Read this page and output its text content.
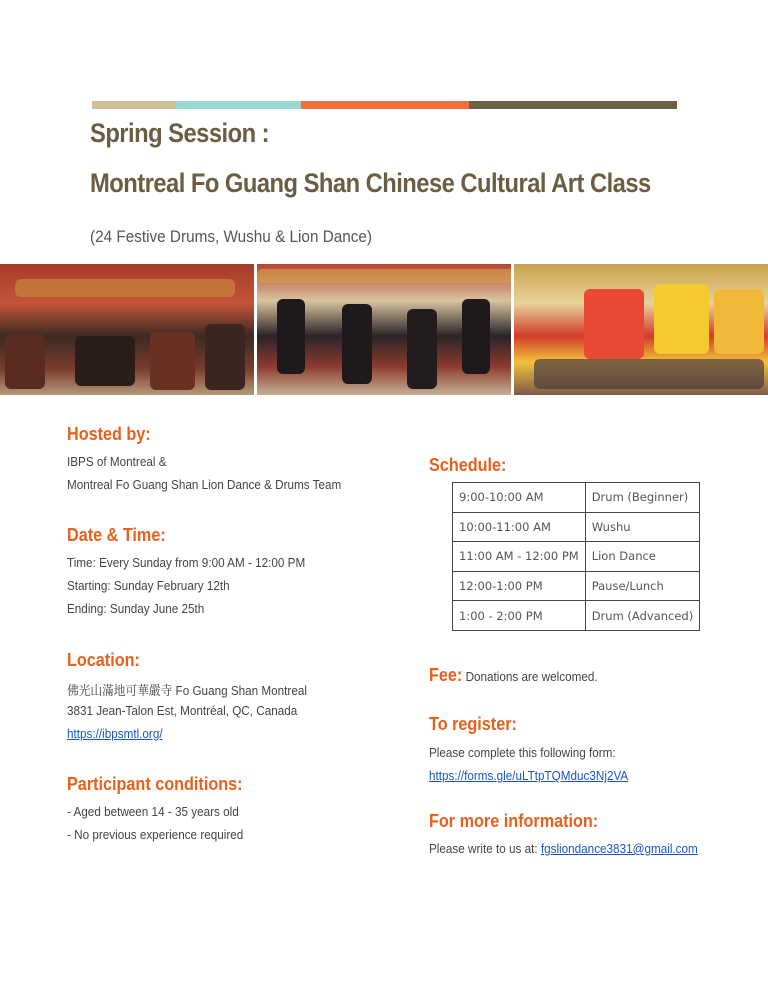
Spring Session :
Montreal Fo Guang Shan Chinese Cultural Art Class
(24 Festive Drums, Wushu & Lion Dance)
Hosted by:
IBPS of Montreal &
Montreal Fo Guang Shan Lion Dance & Drums Team
Date & Time:
Time: Every Sunday from 9:00 AM - 12:00 PM
Starting: Sunday February 12th
Ending: Sunday June 25th
Location:
佛光山滿地可華嚴寺 Fo Guang Shan Montreal
3831 Jean-Talon Est, Montréal, QC, Canada
https://ibpsmtl.org/
Participant conditions:
- Aged between 14 - 35 years old
- No previous experience required
Schedule:
9:00-10:00 AM	Drum (Beginner)
10:00-11:00 AM	Wushu
11:00 AM - 12:00 PM	Lion Dance
12:00-1:00 PM	Pause/Lunch
1:00 - 2:00 PM	Drum (Advanced)
Fee: Donations are welcomed.
To register:
Please complete this following form:
https://forms.gle/uLTtpTQMduc3Nj2VA
For more information:
Please write to us at: fgsliondance3831@gmail.com
